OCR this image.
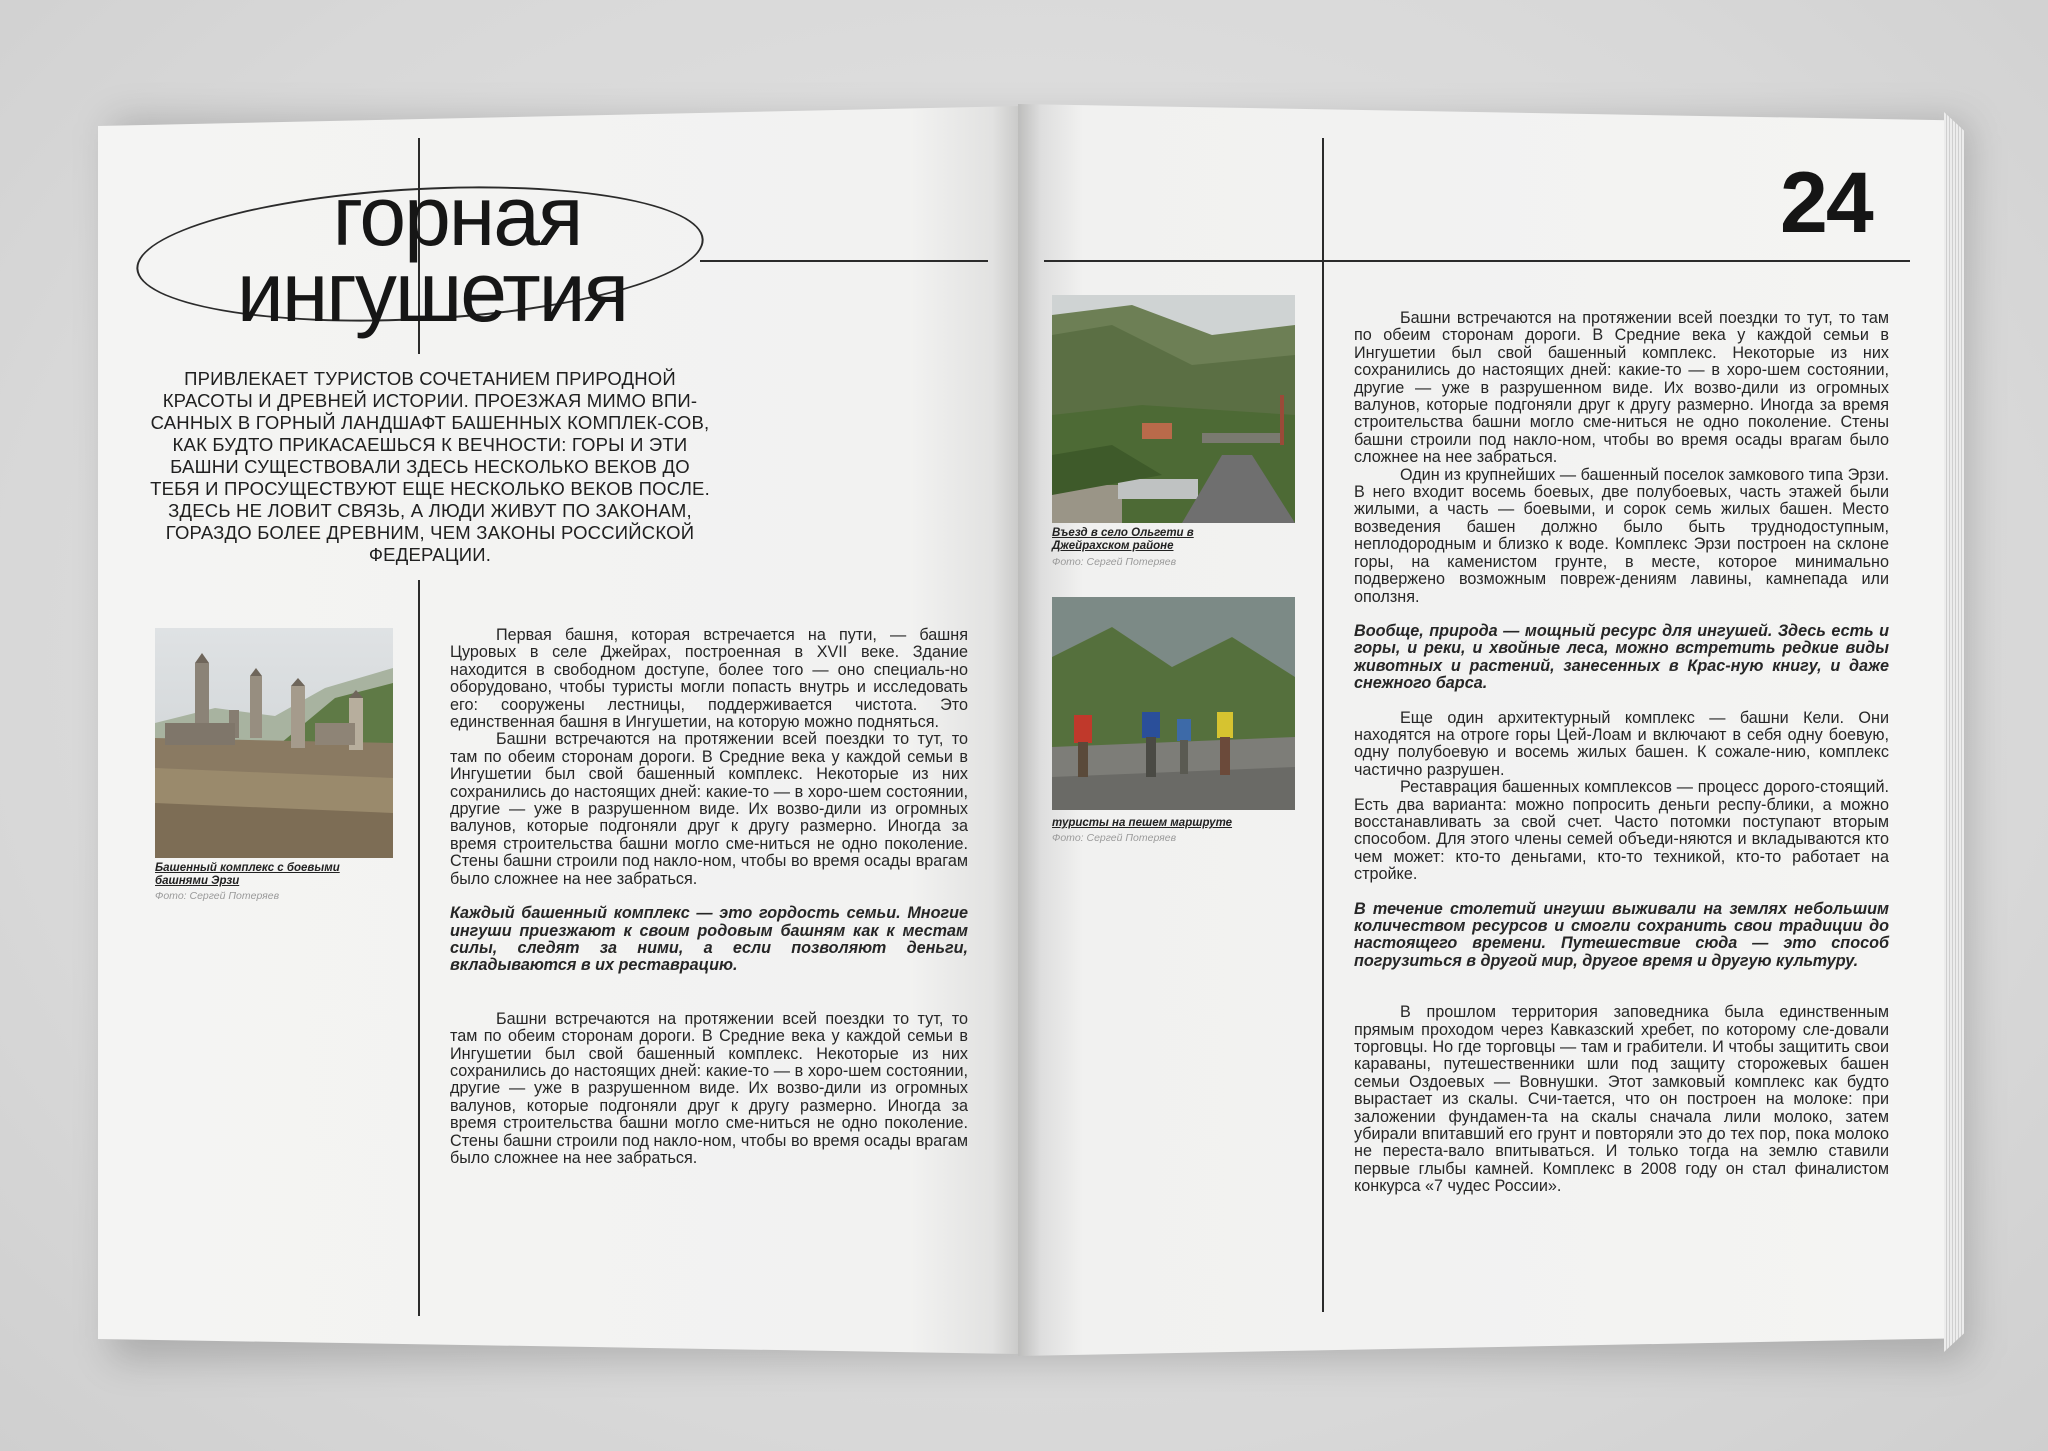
горная
ингушетия
ПРИВЛЕКАЕТ ТУРИСТОВ СОЧЕТАНИЕМ ПРИРОДНОЙ КРАСОТЫ И ДРЕВНЕЙ ИСТОРИИ. ПРОЕЗЖАЯ МИМО ВПИ-САННЫХ В ГОРНЫЙ ЛАНДШАФТ БАШЕННЫХ КОМПЛЕК-СОВ, КАК БУДТО ПРИКАСАЕШЬСЯ К ВЕЧНОСТИ: ГОРЫ И ЭТИ БАШНИ СУЩЕСТВОВАЛИ ЗДЕСЬ НЕСКОЛЬКО ВЕКОВ ДО ТЕБЯ И ПРОСУЩЕСТВУЮТ ЕЩЕ НЕСКОЛЬКО ВЕКОВ ПОСЛЕ. ЗДЕСЬ НЕ ЛОВИТ СВЯЗЬ, А ЛЮДИ ЖИВУТ ПО ЗАКОНАМ, ГОРАЗДО БОЛЕЕ ДРЕВНИМ, ЧЕМ ЗАКОНЫ РОССИЙСКОЙ ФЕДЕРАЦИИ.
Башенный комплекс с боевыми башнями Эрзи
Фото: Сергей Потеряев

Первая башня, которая встречается на пути, — башня Цуровых в селе Джейрах, построенная в XVII веке. Здание находится в свободном доступе, более того — оно специаль-но оборудовано, чтобы туристы могли попасть внутрь и исследовать его: сооружены лестницы, поддерживается чистота. Это единственная башня в Ингушетии, на которую можно подняться.

Башни встречаются на протяжении всей поездки то тут, то там по обеим сторонам дороги. В Средние века у каждой семьи в Ингушетии был свой башенный комплекс. Некоторые из них сохранились до настоящих дней: какие-то — в хоро-шем состоянии, другие — уже в разрушенном виде. Их возво-дили из огромных валунов, которые подгоняли друг к другу размерно. Иногда за время строительства башни могло сме-ниться не одно поколение. Стены башни строили под накло-ном, чтобы во время осады врагам было сложнее на нее забраться.

Каждый башенный комплекс — это гордость семьи. Многие ингуши приезжают к своим родовым башням как к местам силы, следят за ними, а если позволяют деньги, вкладываются в их реставрацию.

Башни встречаются на протяжении всей поездки то тут, то там по обеим сторонам дороги. В Средние века у каждой семьи в Ингушетии был свой башенный комплекс. Некоторые из них сохранились до настоящих дней: какие-то — в хоро-шем состоянии, другие — уже в разрушенном виде. Их возво-дили из огромных валунов, которые подгоняли друг к другу размерно. Иногда за время строительства башни могло сме-ниться не одно поколение. Стены башни строили под накло-ном, чтобы во время осады врагам было сложнее на нее забраться.

24
Въезд в село Ольгети в Джейрахском районе
Фото: Сергей Потеряев
туристы на пешем маршруте
Фото: Сергей Потеряев

Башни встречаются на протяжении всей поездки то тут, то там по обеим сторонам дороги. В Средние века у каждой семьи в Ингушетии был свой башенный комплекс. Некоторые из них сохранились до настоящих дней: какие-то — в хоро-шем состоянии, другие — уже в разрушенном виде. Их возво-дили из огромных валунов, которые подгоняли друг к другу размерно. Иногда за время строительства башни могло сме-ниться не одно поколение. Стены башни строили под накло-ном, чтобы во время осады врагам было сложнее на нее забраться.

Один из крупнейших — башенный поселок замкового типа Эрзи. В него входит восемь боевых, две полубоевых, часть этажей были жилыми, а часть — боевыми, и сорок семь жилых башен. Место возведения башен должно было быть труднодоступным, неплодородным и близко к воде. Комплекс Эрзи построен на склоне горы, на каменистом грунте, в месте, которое минимально подвержено возможным повреж-дениям лавины, камнепада или оползня.

Вообще, природа — мощный ресурс для ингушей. Здесь есть и горы, и реки, и хвойные леса, можно встретить редкие виды животных и растений, занесенных в Крас-ную книгу, и даже снежного барса.

Еще один архитектурный комплекс — башни Кели. Они находятся на отроге горы Цей-Лоам и включают в себя одну боевую, одну полубоевую и восемь жилых башен. К сожале-нию, комплекс частично разрушен.

Реставрация башенных комплексов — процесс дорого-стоящий. Есть два варианта: можно попросить деньги респу-блики, а можно восстанавливать за свой счет. Часто потомки поступают вторым способом. Для этого члены семей объеди-няются и вкладываются кто чем может: кто-то деньгами, кто-то техникой, кто-то работает на стройке.

В течение столетий ингуши выживали на землях небольшим количеством ресурсов и смогли сохранить свои традиции до настоящего времени. Путешествие сюда — это способ погрузиться в другой мир, другое время и другую культуру.

В прошлом территория заповедника была единственным прямым проходом через Кавказский хребет, по которому сле-довали торговцы. Но где торговцы — там и грабители. И чтобы защитить свои караваны, путешественники шли под защиту сторожевых башен семьи Оздоевых — Вовнушки. Этот замковый комплекс как будто вырастает из скалы. Счи-тается, что он построен на молоке: при заложении фундамен-та на скалы сначала лили молоко, затем убирали впитавший его грунт и повторяли это до тех пор, пока молоко не переста-вало впитываться. И только тогда на землю ставили первые глыбы камней. Комплекс в 2008 году он стал финалистом конкурса «7 чудес России».
